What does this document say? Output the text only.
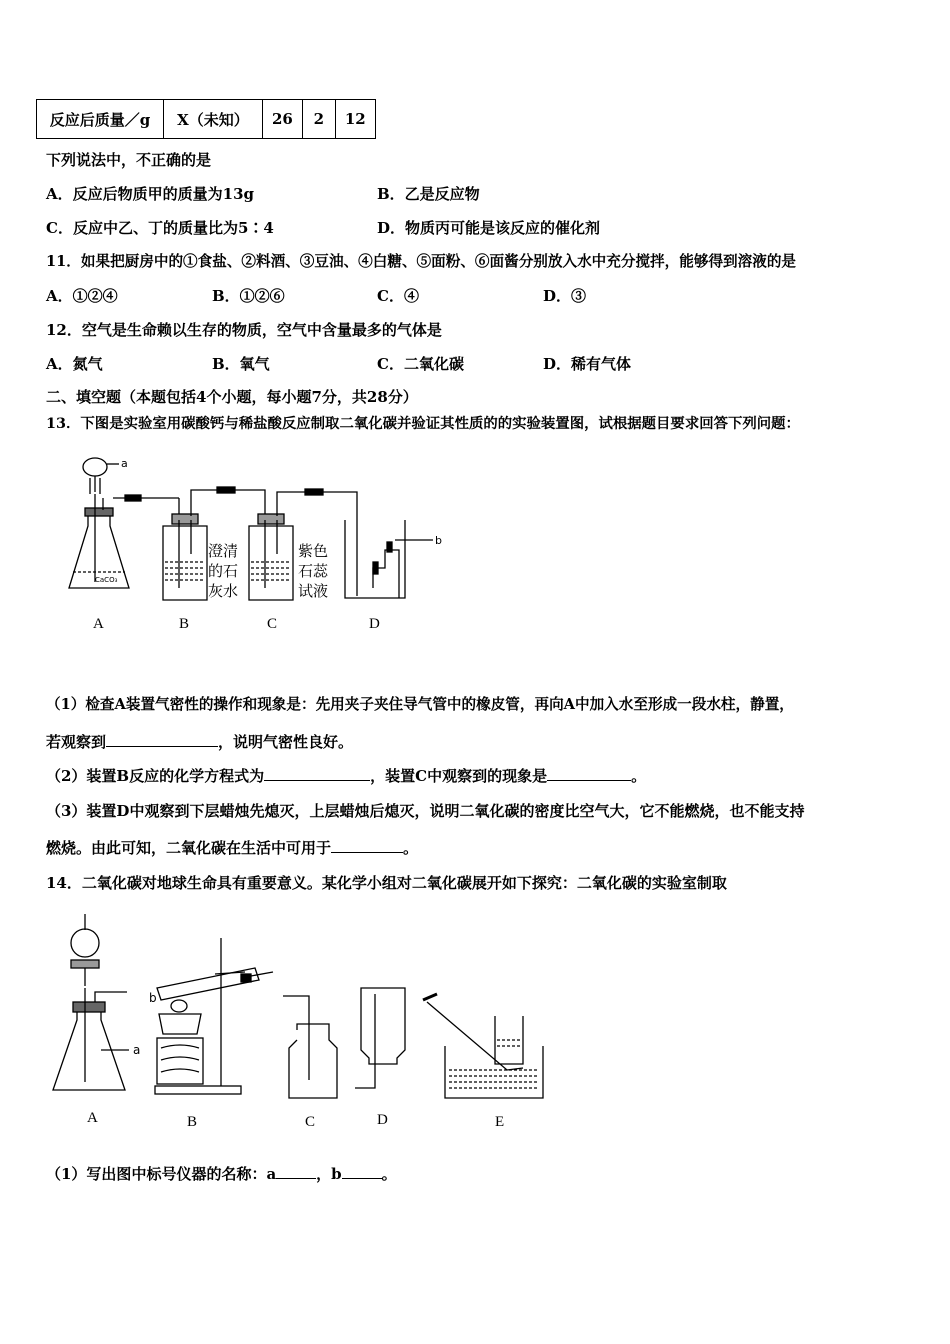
反应后质量／g	X（未知）	26	2	12
下列说法中，不正确的是
A．反应后物质甲的质量为13g	B．乙是反应物
C．反应中乙、丁的质量比为5∶4	D．物质丙可能是该反应的催化剂
11．如果把厨房中的①食盐、②料酒、③豆油、④白糖、⑤面粉、⑥面酱分别放入水中充分搅拌，能够得到溶液的是
A．①②④	B．①②⑥	C．④	D．③
12．空气是生命赖以生存的物质，空气中含量最多的气体是
A．氮气	B．氧气	C．二氧化碳	D．稀有气体
二、填空题（本题包括4个小题，每小题7分，共28分）
13．下图是实验室用碳酸钙与稀盐酸反应制取二氧化碳并验证其性质的的实验装置图，试根据题目要求回答下列问题：
a
CaCO₃
b
澄清
的石
灰水
紫色
石蕊
试液
A	B	C	D
（1）检查A装置气密性的操作和现象是：先用夹子夹住导气管中的橡皮管，再向A中加入水至形成一段水柱，静置，
若观察到	，说明气密性良好。
（2）装置B反应的化学方程式为	，装置C中观察到的现象是	。
（3）装置D中观察到下层蜡烛先熄灭，上层蜡烛后熄灭，说明二氧化碳的密度比空气大，它不能燃烧，也不能支持
燃烧。由此可知，二氧化碳在生活中可用于	。
14．二氧化碳对地球生命具有重要意义。某化学小组对二氧化碳展开如下探究：二氧化碳的实验室制取
a
b
A	B	C	D	E
（1）写出图中标号仪器的名称：a	，b	。
